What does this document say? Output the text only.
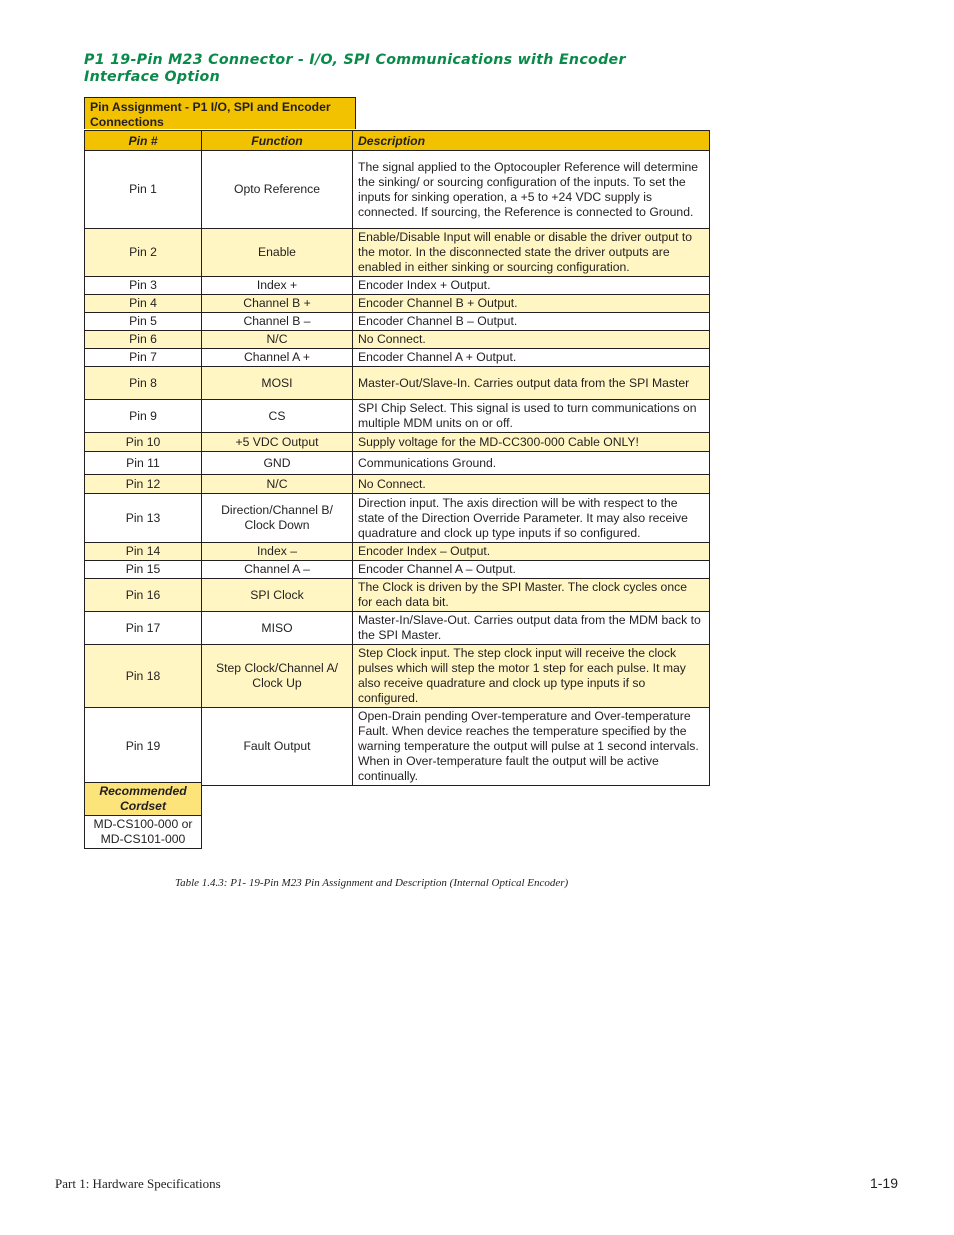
P1 19-Pin M23 Connector - I/O, SPI Communications with Encoder Interface Option
Pin Assignment - P1 I/O, SPI and Encoder Connections
Pin #	Function	Description
Pin 1	Opto Reference	The signal applied to the Optocoupler Reference will determine the sinking/ or sourcing configuration of the inputs. To set the inputs for sinking operation, a +5 to +24 VDC supply is connected. If sourcing, the Reference is connected to Ground.
Pin 2	Enable	Enable/Disable Input will enable or disable the driver output to the motor. In the disconnected state the driver outputs are enabled in either sinking or sourcing configuration.
Pin 3	Index +	Encoder Index + Output.
Pin 4	Channel B +	Encoder Channel B + Output.
Pin 5	Channel B –	Encoder Channel B – Output.
Pin 6	N/C	No Connect.
Pin 7	Channel A +	Encoder Channel A + Output.
Pin 8	MOSI	Master-Out/Slave-In. Carries output data from the SPI Master
Pin 9	CS	SPI Chip Select. This signal is used to turn communications on multiple MDM units on or off.
Pin 10	+5 VDC Output	Supply voltage for the MD-CC300-000 Cable ONLY!
Pin 11	GND	Communications Ground.
Pin 12	N/C	No Connect.
Pin 13	Direction/Channel B/ Clock Down	Direction input. The axis direction will be with respect to the state of the Direction Override Parameter. It may also receive quadrature and clock up type inputs if so configured.
Pin 14	Index –	Encoder Index – Output.
Pin 15	Channel A –	Encoder Channel A – Output.
Pin 16	SPI Clock	The Clock is driven by the SPI Master. The clock cycles once for each data bit.
Pin 17	MISO	Master-In/Slave-Out. Carries output data from the MDM back to the SPI Master.
Pin 18	Step Clock/Channel A/ Clock Up	Step Clock input. The step clock input will receive the clock pulses which will step the motor 1 step for each pulse. It may also receive quadrature and clock up type inputs if so configured.
Pin 19	Fault Output	Open-Drain pending Over-temperature and Over-temperature Fault. When device reaches the temperature specified by the warning temperature the output will pulse at 1 second intervals. When in Over-temperature fault the output will be active continually.
Recommended Cordset
MD-CS100-000 or MD-CS101-000
Table 1.4.3: P1- 19-Pin M23 Pin Assignment and Description (Internal Optical Encoder)
Part 1: Hardware Specifications	1-19
